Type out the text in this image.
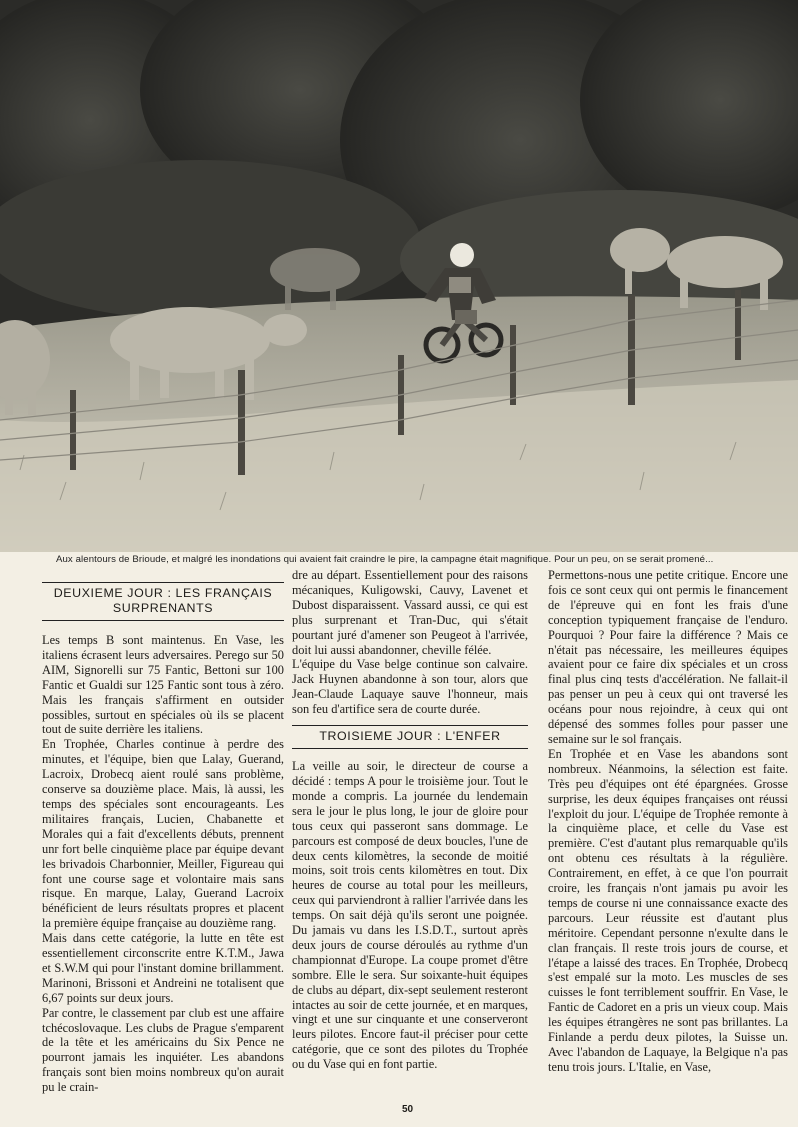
Aux alentours de Brioude, et malgré les inondations qui avaient fait craindre le pire, la campagne était magnifique. Pour un peu, on se serait promené...
DEUXIEME JOUR : LES FRANÇAIS SURPRENANTS

Les temps B sont maintenus. En Vase, les italiens écrasent leurs adversaires. Perego sur 50 AIM, Signorelli sur 75 Fantic, Bettoni sur 100 Fantic et Gualdi sur 125 Fantic sont tous à zéro. Mais les français s'affirment en outsider possibles, surtout en spéciales où ils se placent tout de suite derrière les italiens.

En Trophée, Charles continue à perdre des minutes, et l'équipe, bien que Lalay, Guerand, Lacroix, Drobecq aient roulé sans problème, conserve sa douzième place. Mais, là aussi, les temps des spéciales sont encourageants. Les militaires français, Lucien, Chabanette et Morales qui a fait d'excellents débuts, prennent unr fort belle cinquième place par équipe devant les brivadois Charbonnier, Meiller, Figureau qui font une course sage et volontaire mais sans risque. En marque, Lalay, Guerand Lacroix bénéficient de leurs résultats propres et placent la première équipe française au douzième rang.

Mais dans cette catégorie, la lutte en tête est essentiellement circonscrite entre K.T.M., Jawa et S.W.M qui pour l'instant domine brillamment. Marinoni, Brissoni et Andreini ne totalisent que 6,67 points sur deux jours.

Par contre, le classement par club est une affaire tchécoslovaque. Les clubs de Prague s'emparent de la tête et les américains du Six Pence ne pourront jamais les inquiéter. Les abandons français sont bien moins nombreux qu'on aurait pu le crain-

dre au départ. Essentiellement pour des raisons mécaniques, Kuligowski, Cauvy, Lavenet et Dubost disparaissent. Vassard aussi, ce qui est plus surprenant et Tran-Duc, qui s'était pourtant juré d'amener son Peugeot à l'arrivée, doit lui aussi abandonner, cheville félée.

L'équipe du Vase belge continue son calvaire. Jack Huynen abandonne à son tour, alors que Jean-Claude Laquaye sauve l'honneur, mais son feu d'artifice sera de courte durée.

TROISIEME JOUR : L'ENFER

La veille au soir, le directeur de course a décidé : temps A pour le troisième jour. Tout le monde a compris. La journée du lendemain sera le jour le plus long, le jour de gloire pour tous ceux qui passeront sans dommage. Le parcours est composé de deux boucles, l'une de deux cents kilomètres, la seconde de moitié moins, soit trois cents kilomètres en tout. Dix heures de course au total pour les meilleurs, ceux qui parviendront à rallier l'arrivée dans les temps. On sait déjà qu'ils seront une poignée. Du jamais vu dans les I.S.D.T., surtout après deux jours de course déroulés au rythme d'un championnat d'Europe. La coupe promet d'être sombre. Elle le sera. Sur soixante-huit équipes de clubs au départ, dix-sept seulement resteront intactes au soir de cette journée, et en marques, vingt et une sur cinquante et une conserveront leurs pilotes. Encore faut-il préciser pour cette catégorie, que ce sont des pilotes du Trophée ou du Vase qui en font partie.

Permettons-nous une petite critique. Encore une fois ce sont ceux qui ont permis le financement de l'épreuve qui en font les frais d'une conception typiquement française de l'enduro. Pourquoi ? Pour faire la différence ? Mais ce n'était pas nécessaire, les meilleures équipes avaient pour ce faire dix spéciales et un cross final plus cinq tests d'accélération. Ne fallait-il pas penser un peu à ceux qui ont traversé les océans pour nous rejoindre, à ceux qui ont dépensé des sommes folles pour passer une semaine sur le sol français.

En Trophée et en Vase les abandons sont nombreux. Néanmoins, la sélection est faite. Très peu d'équipes ont été épargnées. Grosse surprise, les deux équipes françaises ont réussi l'exploit du jour. L'équipe de Trophée remonte à la cinquième place, et celle du Vase est première. C'est d'autant plus remarquable qu'ils ont obtenu ces résultats à la régulière. Contrairement, en effet, à ce que l'on pourrait croire, les français n'ont jamais pu avoir les temps de course ni une connaissance exacte des parcours. Leur réussite est d'autant plus méritoire. Cependant personne n'exulte dans le clan français. Il reste trois jours de course, et l'étape a laissé des traces. En Trophée, Drobecq s'est empalé sur la moto. Les muscles de ses cuisses le font terriblement souffrir. En Vase, le Fantic de Cadoret en a pris un vieux coup. Mais les équipes étrangères ne sont pas brillantes. La Finlande a perdu deux pilotes, la Suisse un. Avec l'abandon de Laquaye, la Belgique n'a pas tenu trois jours. L'Italie, en Vase,

50
